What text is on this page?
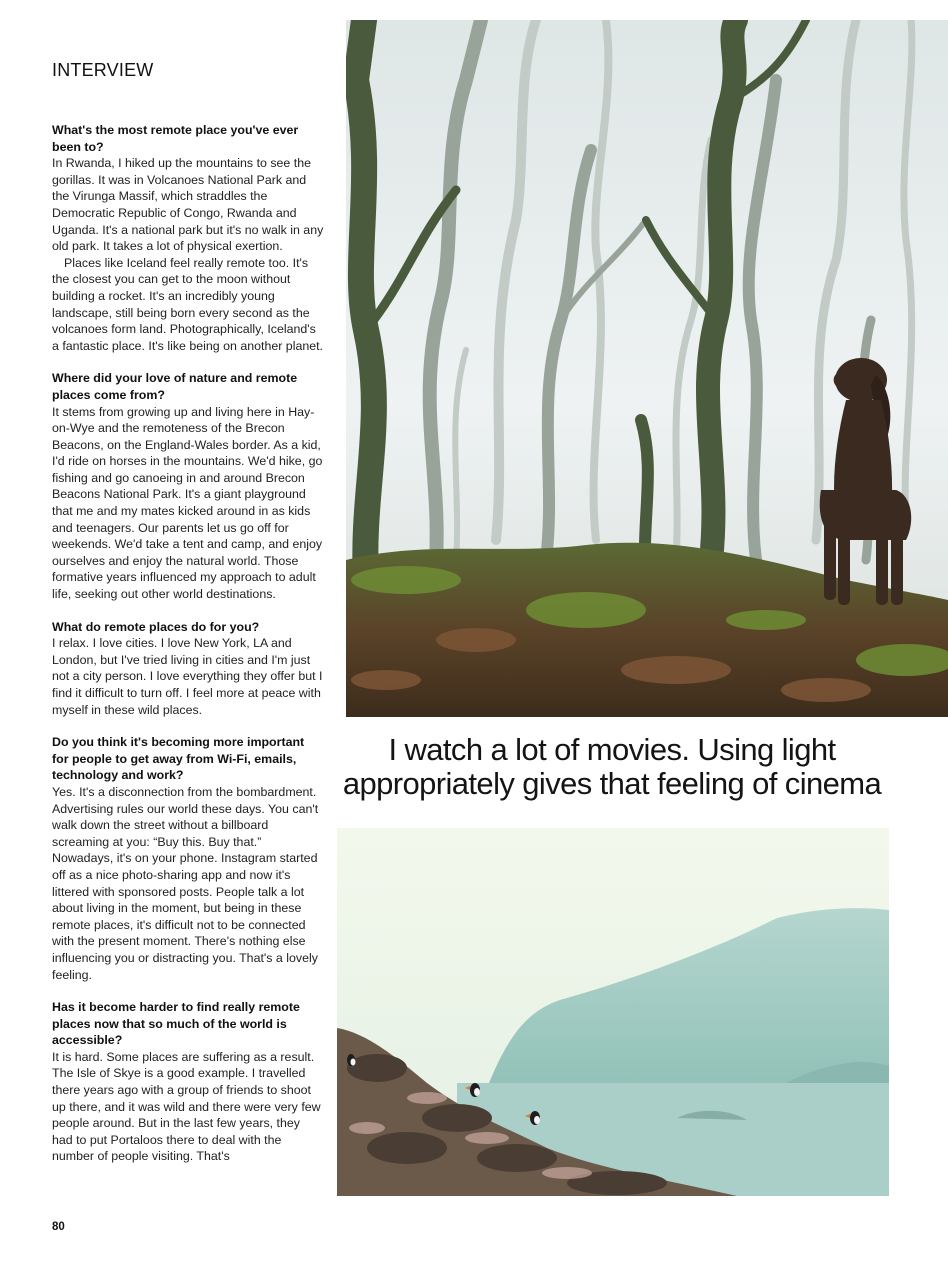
INTERVIEW
What's the most remote place you've ever been to?

In Rwanda, I hiked up the mountains to see the gorillas. It was in Volcanoes National Park and the Virunga Massif, which straddles the Democratic Republic of Congo, Rwanda and Uganda. It's a national park but it's no walk in any old park. It takes a lot of physical exertion.

Places like Iceland feel really remote too. It's the closest you can get to the moon without building a rocket. It's an incredibly young landscape, still being born every second as the volcanoes form land. Photographically, Iceland's a fantastic place. It's like being on another planet.

Where did your love of nature and remote places come from?

It stems from growing up and living here in Hay-on-Wye and the remoteness of the Brecon Beacons, on the England-Wales border. As a kid, I'd ride on horses in the mountains. We'd hike, go fishing and go canoeing in and around Brecon Beacons National Park. It's a giant playground that me and my mates kicked around in as kids and teenagers. Our parents let us go off for weekends. We'd take a tent and camp, and enjoy ourselves and enjoy the natural world. Those formative years influenced my approach to adult life, seeking out other world destinations.

What do remote places do for you?

I relax. I love cities. I love New York, LA and London, but I've tried living in cities and I'm just not a city person. I love everything they offer but I find it difficult to turn off. I feel more at peace with myself in these wild places.

Do you think it's becoming more important for people to get away from Wi-Fi, emails, technology and work?

Yes. It's a disconnection from the bombardment. Advertising rules our world these days. You can't walk down the street without a billboard screaming at you: “Buy this. Buy that.” Nowadays, it's on your phone. Instagram started off as a nice photo-sharing app and now it's littered with sponsored posts. People talk a lot about living in the moment, but being in these remote places, it's difficult not to be connected with the present moment. There's nothing else influencing you or distracting you. That's a lovely feeling.

Has it become harder to find really remote places now that so much of the world is accessible?

It is hard. Some places are suffering as a result. The Isle of Skye is a good example. I travelled there years ago with a group of friends to shoot up there, and it was wild and there were very few people around. But in the last few years, they had to put Portaloos there to deal with the number of people visiting. That's

80
I watch a lot of movies. Using light
appropriately gives that feeling of cinema
